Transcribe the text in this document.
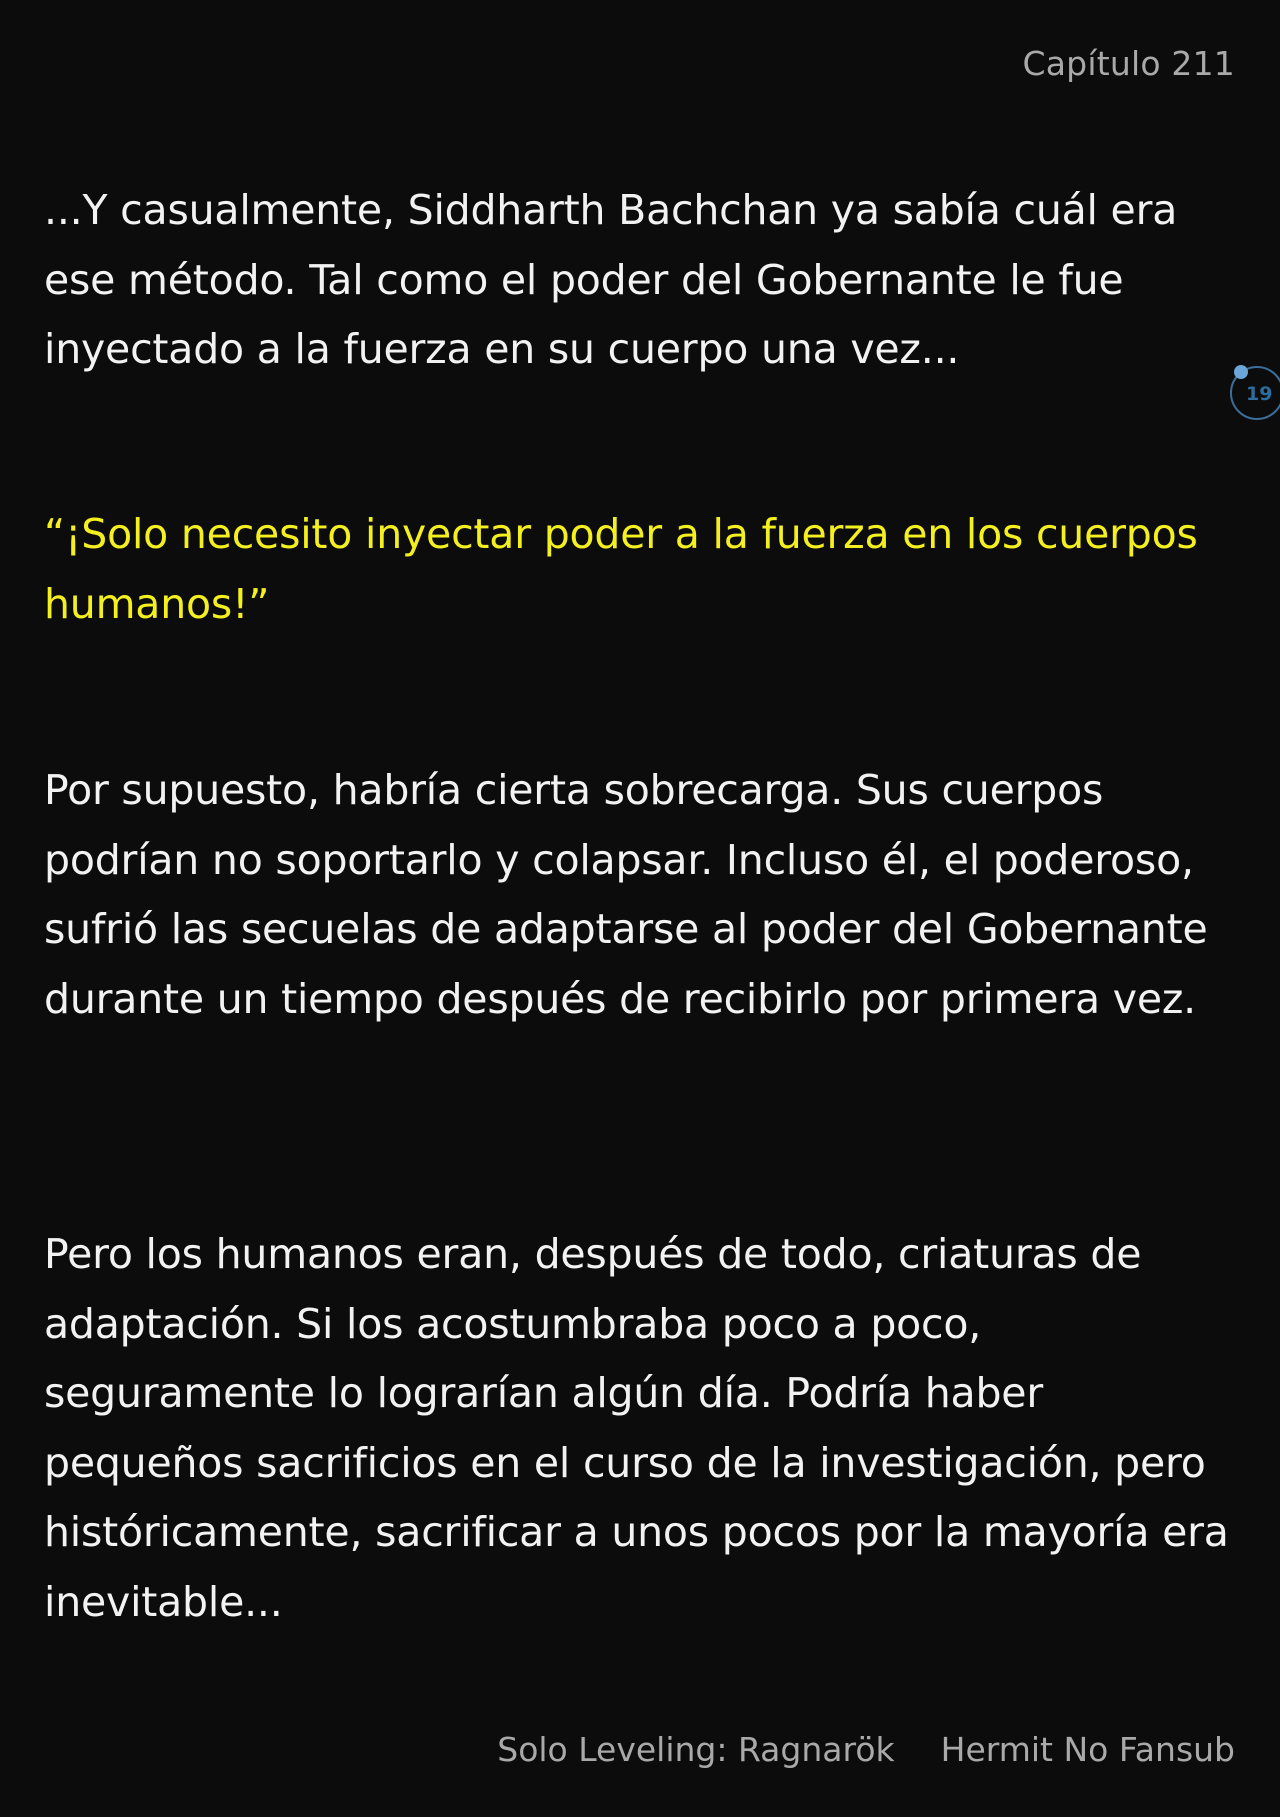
Capítulo 211

...Y casualmente, Siddharth Bachchan ya sabía cuál era ese método. Tal como el poder del Gobernante le fue inyectado a la fuerza en su cuerpo una vez...

“¡Solo necesito inyectar poder a la fuerza en los cuerpos humanos!”

Por supuesto, habría cierta sobrecarga. Sus cuerpos podrían no soportarlo y colapsar. Incluso él, el poderoso, sufrió las secuelas de adaptarse al poder del Gobernante durante un tiempo después de recibirlo por primera vez.

Pero los humanos eran, después de todo, criaturas de adaptación. Si los acostumbraba poco a poco, seguramente lo lograrían algún día. Podría haber pequeños sacrificios en el curso de la investigación, pero históricamente, sacrificar a unos pocos por la mayoría era inevitable...

19
Solo Leveling: Ragnarök Hermit No Fansub
